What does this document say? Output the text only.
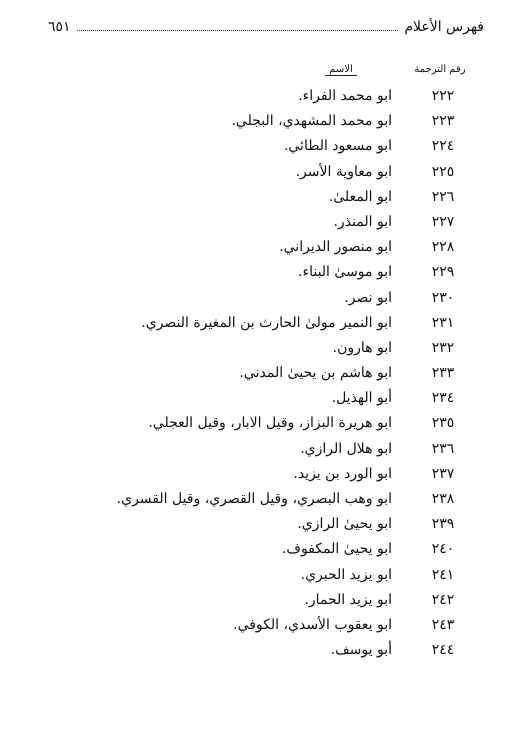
فهرس الأعلام
٦٥١
رقم الترجمة
الاسم
٢٢٢
ابو محمد الفراء.
٢٢٣
ابو محمد المشهدي، البجلي.
٢٢٤
ابو مسعود الطائي.
٢٢٥
ابو معاوية الأسر.
٢٢٦
ابو المعلىٰ.
٢٢٧
ابو المنذر.
٢٢٨
ابو منصور الديراني.
٢٢٩
ابو موسىٰ البناء.
٢٣٠
ابو نصر.
٢٣١
ابو النمير مولىٰ الحارث بن المغيرة النصري.
٢٣٢
ابو هارون.
٢٣٣
ابو هاشم بن يحيىٰ المدني.
٢٣٤
أبو الهذيل.
٢٣٥
ابو هريرة البزاز، وقيل الابار، وقيل العجلي.
٢٣٦
ابو هلال الرازي.
٢٣٧
ابو الورد بن يزيد.
٢٣٨
ابو وهب البصري، وقيل القصري، وقيل القسري.
٢٣٩
ابو يحيىٰ الرازي.
٢٤٠
ابو يحيىٰ المكفوف.
٢٤١
ابو يزيد الحبري.
٢٤٢
ابو يزيد الحمار.
٢٤٣
ابو يعقوب الأسدي، الكوفي.
٢٤٤
أبو يوسف.
